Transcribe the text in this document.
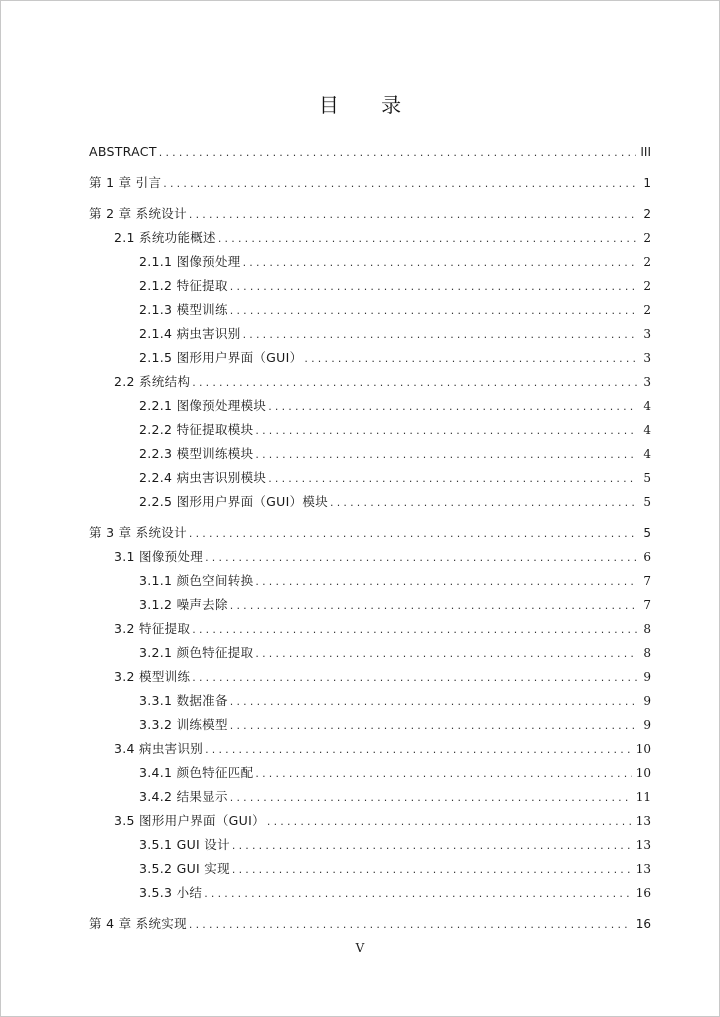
目 录
ABSTRACT .....	III
第 1 章 引言 .....	1
第 2 章 系统设计 .....	2
2.1 系统功能概述 .....	2
2.1.1 图像预处理 .....	2
2.1.2 特征提取 .....	2
2.1.3 模型训练 .....	2
2.1.4 病虫害识别 .....	3
2.1.5 图形用户界面（GUI） .....	3
2.2 系统结构 .....	3
2.2.1 图像预处理模块 .....	4
2.2.2 特征提取模块 .....	4
2.2.3 模型训练模块 .....	4
2.2.4 病虫害识别模块 .....	5
2.2.5 图形用户界面（GUI）模块 .....	5
第 3 章 系统设计 .....	5
3.1 图像预处理 .....	6
3.1.1 颜色空间转换 .....	7
3.1.2 噪声去除 .....	7
3.2 特征提取 .....	8
3.2.1 颜色特征提取 .....	8
3.2 模型训练 .....	9
3.3.1 数据准备 .....	9
3.3.2 训练模型 .....	9
3.4 病虫害识别 .....	10
3.4.1 颜色特征匹配 .....	10
3.4.2 结果显示 .....	11
3.5 图形用户界面（GUI） .....	13
3.5.1 GUI 设计 .....	13
3.5.2 GUI 实现 .....	13
3.5.3 小结 .....	16
第 4 章 系统实现 .....	16
V
